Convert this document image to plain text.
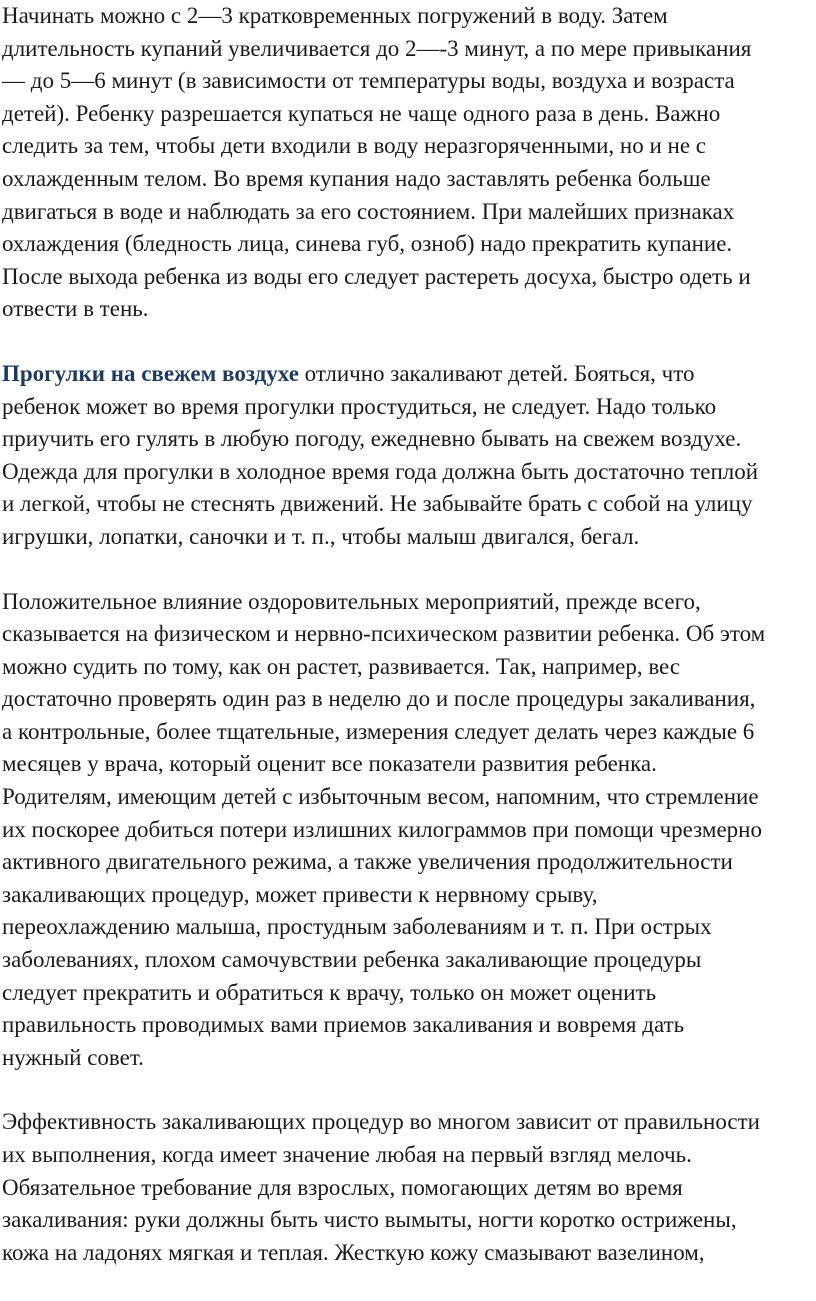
Начинать можно с 2—3 кратковременных погружений в воду. Затем
длительность купаний увеличивается до 2—-3 минут, а по мере привыкания
— до 5—6 минут (в зависимости от температуры воды, воздуха и возраста
детей). Ребенку разрешается купаться не чаще одного раза в день. Важно
следить за тем, чтобы дети входили в воду неразгоряченными, но и не с
охлажденным телом. Во время купания надо заставлять ребенка больше
двигаться в воде и наблюдать за его состоянием. При малейших признаках
охлаждения (бледность лица, синева губ, озноб) надо прекратить купание.
После выхода ребенка из воды его следует растереть досуха, быстро одеть и
отвести в тень.

Прогулки на свежем воздухе отлично закаливают детей. Бояться, что
ребенок может во время прогулки простудиться, не следует. Надо только
приучить его гулять в любую погоду, ежедневно бывать на свежем воздухе.
Одежда для прогулки в холодное время года должна быть достаточно теплой
и легкой, чтобы не стеснять движений. Не забывайте брать с собой на улицу
игрушки, лопатки, саночки и т. п., чтобы малыш двигался, бегал.

Положительное влияние оздоровительных мероприятий, прежде всего,
сказывается на физическом и нервно-психическом развитии ребенка. Об этом
можно судить по тому, как он растет, развивается. Так, например, вес
достаточно проверять один раз в неделю до и после процедуры закаливания,
а контрольные, более тщательные, измерения следует делать через каждые 6
месяцев у врача, который оценит все показатели развития ребенка.
Родителям, имеющим детей с избыточным весом, напомним, что стремление
их поскорее добиться потери излишних килограммов при помощи чрезмерно
активного двигательного режима, а также увеличения продолжительности
закаливающих процедур, может привести к нервному срыву,
переохлаждению малыша, простудным заболеваниям и т. п. При острых
заболеваниях, плохом самочувствии ребенка закаливающие процедуры
следует прекратить и обратиться к врачу, только он может оценить
правильность проводимых вами приемов закаливания и вовремя дать
нужный совет.

Эффективность закаливающих процедур во многом зависит от правильности
их выполнения, когда имеет значение любая на первый взгляд мелочь.
Обязательное требование для взрослых, помогающих детям во время
закаливания: руки должны быть чисто вымыты, ногти коротко острижены,
кожа на ладонях мягкая и теплая. Жесткую кожу смазывают вазелином,
